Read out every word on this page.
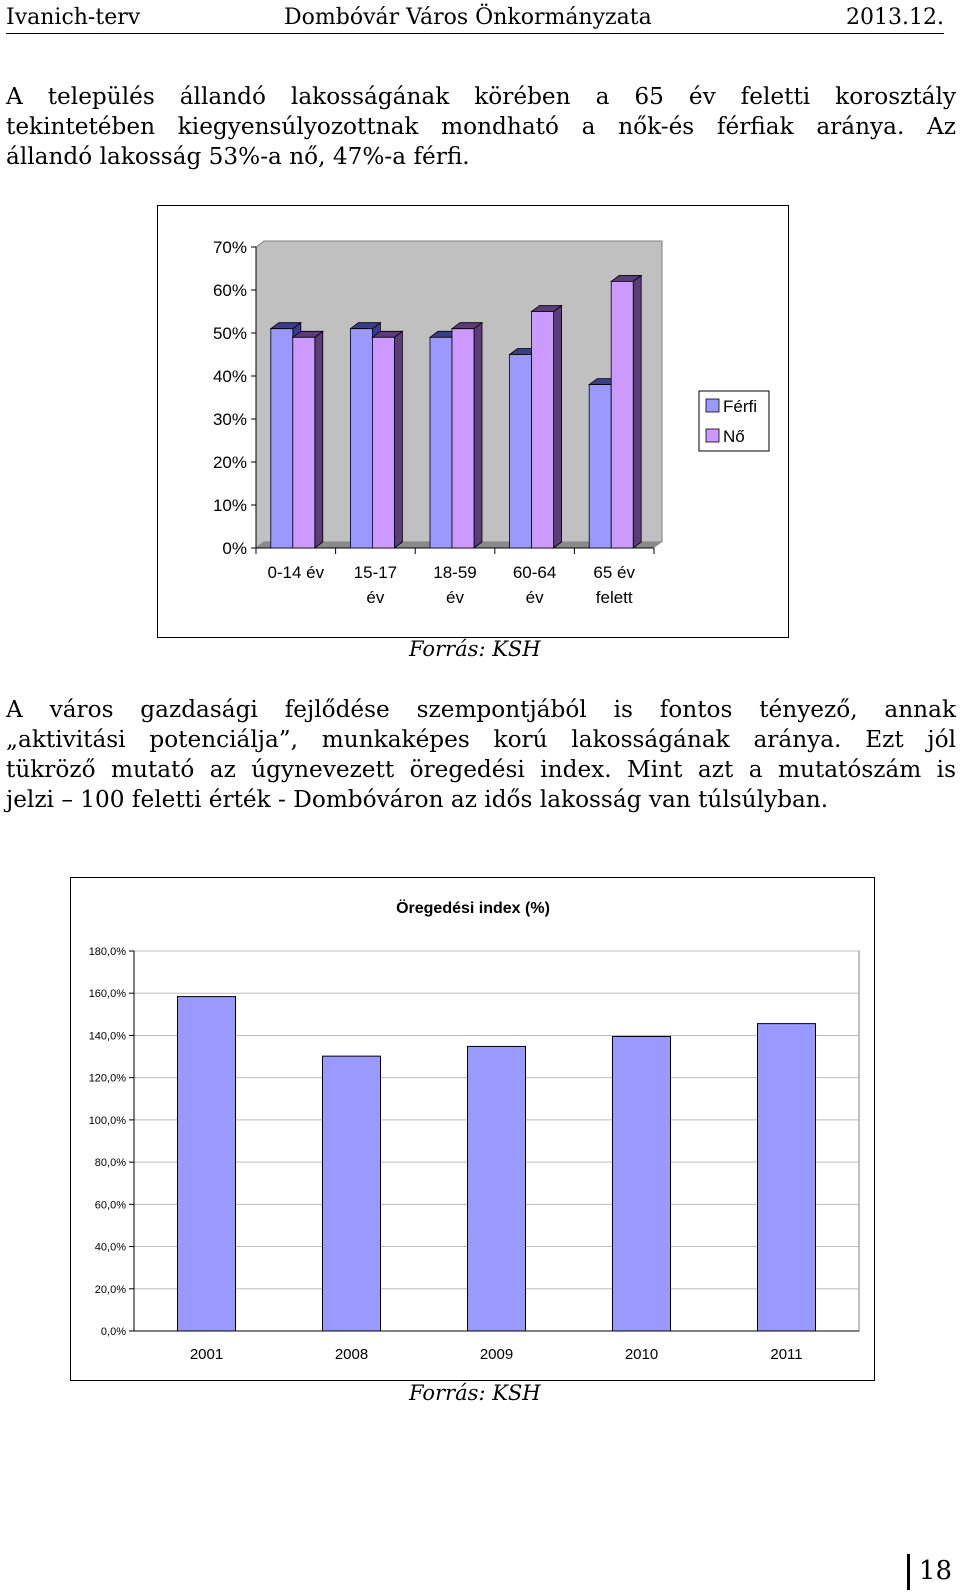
Ivanich-terv	Dombóvár Város Önkormányzata	2013.12.
A település állandó lakosságának körében a 65 év feletti korosztály
tekintetében kiegyensúlyozottnak mondható a nők-és férfiak aránya. Az
állandó lakosság 53%-a nő, 47%-a férfi.
0%
10%
20%
30%
40%
50%
60%
70%
0-14 év 15-17
év
18-59
év
60-64
év
65 év
felett
Férfi
Nő
Forrás: KSH
A város gazdasági fejlődése szempontjából is fontos tényező, annak
„aktivitási potenciálja”, munkaképes korú lakosságának aránya. Ezt jól
tükröző mutató az úgynevezett öregedési index. Mint azt a mutatószám is
jelzi – 100 feletti érték - Dombóváron az idős lakosság van túlsúlyban.
Öregedési index (%)
0,0%
20,0%
40,0%
60,0%
80,0%
100,0%
120,0%
140,0%
160,0%
180,0%
2001	2008	2009	2010	2011
Forrás: KSH
18
